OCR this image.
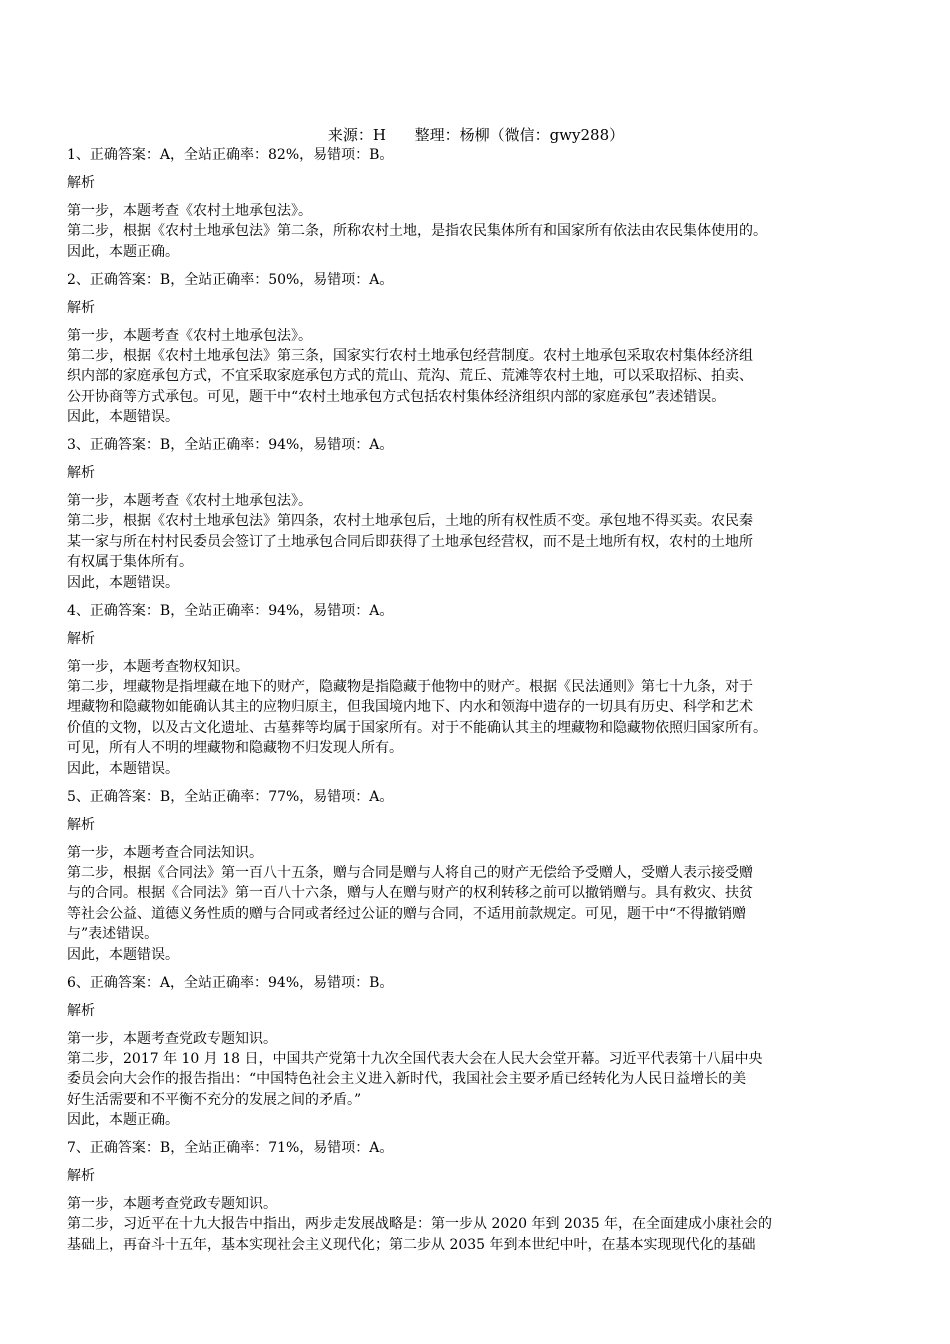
来源：H      整理：杨柳（微信：gwy288）
1、正确答案：A，全站正确率：82%，易错项：B。
解析
第一步，本题考查《农村土地承包法》。
第二步，根据《农村土地承包法》第二条，所称农村土地，是指农民集体所有和国家所有依法由农民集体使用的。
因此，本题正确。
2、正确答案：B，全站正确率：50%，易错项：A。
解析
第一步，本题考查《农村土地承包法》。
第二步，根据《农村土地承包法》第三条，国家实行农村土地承包经营制度。农村土地承包采取农村集体经济组
织内部的家庭承包方式，不宜采取家庭承包方式的荒山、荒沟、荒丘、荒滩等农村土地，可以采取招标、拍卖、
公开协商等方式承包。可见，题干中“农村土地承包方式包括农村集体经济组织内部的家庭承包”表述错误。
因此，本题错误。
3、正确答案：B，全站正确率：94%，易错项：A。
解析
第一步，本题考查《农村土地承包法》。
第二步，根据《农村土地承包法》第四条，农村土地承包后，土地的所有权性质不变。承包地不得买卖。农民秦
某一家与所在村村民委员会签订了土地承包合同后即获得了土地承包经营权，而不是土地所有权，农村的土地所
有权属于集体所有。
因此，本题错误。
4、正确答案：B，全站正确率：94%，易错项：A。
解析
第一步，本题考查物权知识。
第二步，埋藏物是指埋藏在地下的财产，隐藏物是指隐藏于他物中的财产。根据《民法通则》第七十九条，对于
埋藏物和隐藏物如能确认其主的应物归原主，但我国境内地下、内水和领海中遗存的一切具有历史、科学和艺术
价值的文物，以及古文化遗址、古墓葬等均属于国家所有。对于不能确认其主的埋藏物和隐藏物依照归国家所有。
可见，所有人不明的埋藏物和隐藏物不归发现人所有。
因此，本题错误。
5、正确答案：B，全站正确率：77%，易错项：A。
解析
第一步，本题考查合同法知识。
第二步，根据《合同法》第一百八十五条，赠与合同是赠与人将自己的财产无偿给予受赠人，受赠人表示接受赠
与的合同。根据《合同法》第一百八十六条，赠与人在赠与财产的权利转移之前可以撤销赠与。具有救灾、扶贫
等社会公益、道德义务性质的赠与合同或者经过公证的赠与合同，不适用前款规定。可见，题干中“不得撤销赠
与”表述错误。
因此，本题错误。
6、正确答案：A，全站正确率：94%，易错项：B。
解析
第一步，本题考查党政专题知识。
第二步，2017 年 10 月 18 日，中国共产党第十九次全国代表大会在人民大会堂开幕。习近平代表第十八届中央
委员会向大会作的报告指出：“中国特色社会主义进入新时代，我国社会主要矛盾已经转化为人民日益增长的美
好生活需要和不平衡不充分的发展之间的矛盾。”
因此，本题正确。
7、正确答案：B，全站正确率：71%，易错项：A。
解析
第一步，本题考查党政专题知识。
第二步，习近平在十九大报告中指出，两步走发展战略是：第一步从 2020 年到 2035 年，在全面建成小康社会的
基础上，再奋斗十五年，基本实现社会主义现代化；第二步从 2035 年到本世纪中叶，在基本实现现代化的基础
